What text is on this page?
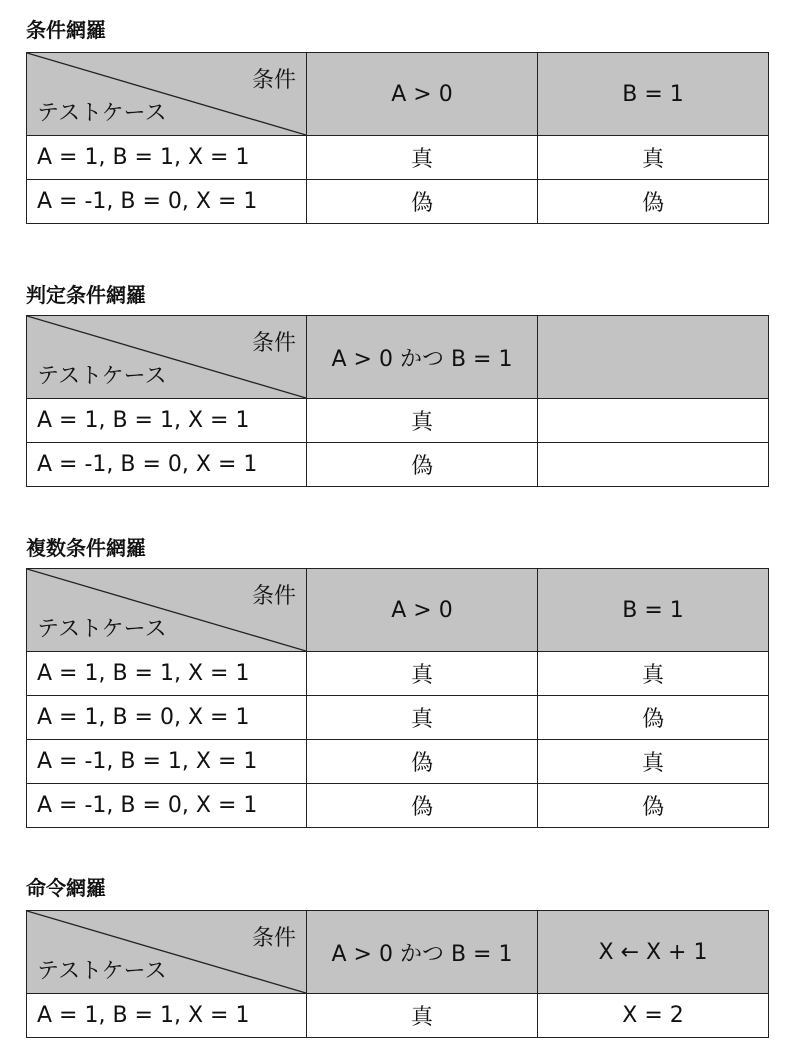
条件網羅
条件
テストケース	A > 0	B = 1
A = 1, B = 1, X = 1	真	真
A = -1, B = 0, X = 1	偽	偽
判定条件網羅
条件
テストケース	A > 0 かつ B = 1	
A = 1, B = 1, X = 1	真	
A = -1, B = 0, X = 1	偽	
複数条件網羅
条件
テストケース	A > 0	B = 1
A = 1, B = 1, X = 1	真	真
A = 1, B = 0, X = 1	真	偽
A = -1, B = 1, X = 1	偽	真
A = -1, B = 0, X = 1	偽	偽
命令網羅
条件
テストケース	A > 0 かつ B = 1	X ← X + 1
A = 1, B = 1, X = 1	真	X = 2
